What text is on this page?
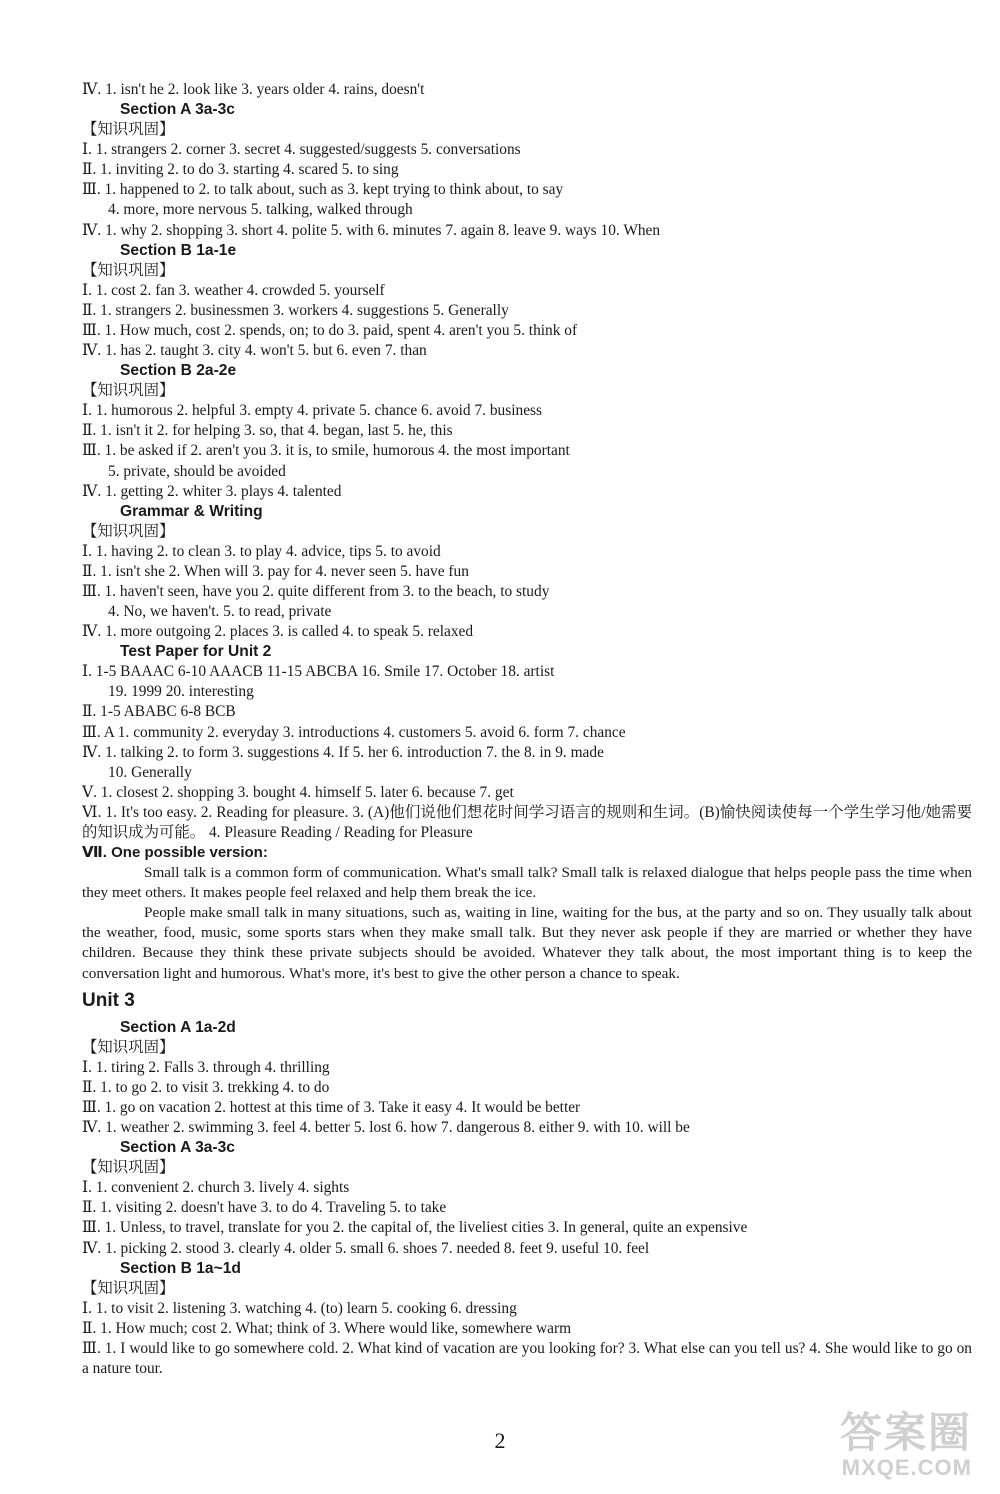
Ⅳ. 1. isn't he 2. look like 3. years older 4. rains, doesn't
Section A 3a-3c
【知识巩固】
Ⅰ. 1. strangers 2. corner 3. secret 4. suggested/suggests 5. conversations
Ⅱ. 1. inviting 2. to do 3. starting 4. scared 5. to sing
Ⅲ. 1. happened to 2. to talk about, such as 3. kept trying to think about, to say
4. more, more nervous 5. talking, walked through
Ⅳ. 1. why 2. shopping 3. short 4. polite 5. with 6. minutes 7. again 8. leave 9. ways 10. When
Section B 1a-1e
【知识巩固】
Ⅰ. 1. cost 2. fan 3. weather 4. crowded 5. yourself
Ⅱ. 1. strangers 2. businessmen 3. workers 4. suggestions 5. Generally
Ⅲ. 1. How much, cost 2. spends, on; to do 3. paid, spent 4. aren't you 5. think of
Ⅳ. 1. has 2. taught 3. city 4. won't 5. but 6. even 7. than
Section B 2a-2e
【知识巩固】
Ⅰ. 1. humorous 2. helpful 3. empty 4. private 5. chance 6. avoid 7. business
Ⅱ. 1. isn't it 2. for helping 3. so, that 4. began, last 5. he, this
Ⅲ. 1. be asked if 2. aren't you 3. it is, to smile, humorous 4. the most important
5. private, should be avoided
Ⅳ. 1. getting 2. whiter 3. plays 4. talented
Grammar & Writing
【知识巩固】
Ⅰ. 1. having 2. to clean 3. to play 4. advice, tips 5. to avoid
Ⅱ. 1. isn't she 2. When will 3. pay for 4. never seen 5. have fun
Ⅲ. 1. haven't seen, have you 2. quite different from 3. to the beach, to study
4. No, we haven't. 5. to read, private
Ⅳ. 1. more outgoing 2. places 3. is called 4. to speak 5. relaxed
Test Paper for Unit 2
Ⅰ. 1-5 BAAAC 6-10 AAACB 11-15 ABCBA 16. Smile 17. October 18. artist
19. 1999 20. interesting
Ⅱ. 1-5 ABABC 6-8 BCB
Ⅲ. A 1. community 2. everyday 3. introductions 4. customers 5. avoid 6. form 7. chance
Ⅳ. 1. talking 2. to form 3. suggestions 4. If 5. her 6. introduction 7. the 8. in 9. made
10. Generally
Ⅴ. 1. closest 2. shopping 3. bought 4. himself 5. later 6. because 7. get
Ⅵ. 1. It's too easy. 2. Reading for pleasure. 3. (A)他们说他们想花时间学习语言的规则和生词。(B)愉快阅读使每一个学生学习他/她需要的知识成为可能。 4. Pleasure Reading / Reading for Pleasure
Ⅶ. One possible version:

Small talk is a common form of communication. What's small talk? Small talk is relaxed dialogue that helps people pass the time when they meet others. It makes people feel relaxed and help them break the ice.

People make small talk in many situations, such as, waiting in line, waiting for the bus, at the party and so on. They usually talk about the weather, food, music, some sports stars when they make small talk. But they never ask people if they are married or whether they have children. Because they think these private subjects should be avoided. Whatever they talk about, the most important thing is to keep the conversation light and humorous. What's more, it's best to give the other person a chance to speak.

Unit 3
Section A 1a-2d
【知识巩固】
Ⅰ. 1. tiring 2. Falls 3. through 4. thrilling
Ⅱ. 1. to go 2. to visit 3. trekking 4. to do
Ⅲ. 1. go on vacation 2. hottest at this time of 3. Take it easy 4. It would be better
Ⅳ. 1. weather 2. swimming 3. feel 4. better 5. lost 6. how 7. dangerous 8. either 9. with 10. will be
Section A 3a-3c
【知识巩固】
Ⅰ. 1. convenient 2. church 3. lively 4. sights
Ⅱ. 1. visiting 2. doesn't have 3. to do 4. Traveling 5. to take
Ⅲ. 1. Unless, to travel, translate for you 2. the capital of, the liveliest cities 3. In general, quite an expensive
Ⅳ. 1. picking 2. stood 3. clearly 4. older 5. small 6. shoes 7. needed 8. feet 9. useful 10. feel
Section B 1a~1d
【知识巩固】
Ⅰ. 1. to visit 2. listening 3. watching 4. (to) learn 5. cooking 6. dressing
Ⅱ. 1. How much; cost 2. What; think of 3. Where would like, somewhere warm
Ⅲ. 1. I would like to go somewhere cold. 2. What kind of vacation are you looking for? 3. What else can you tell us? 4. She would like to go on a nature tour.
2	答案圈
MXQE.COM
